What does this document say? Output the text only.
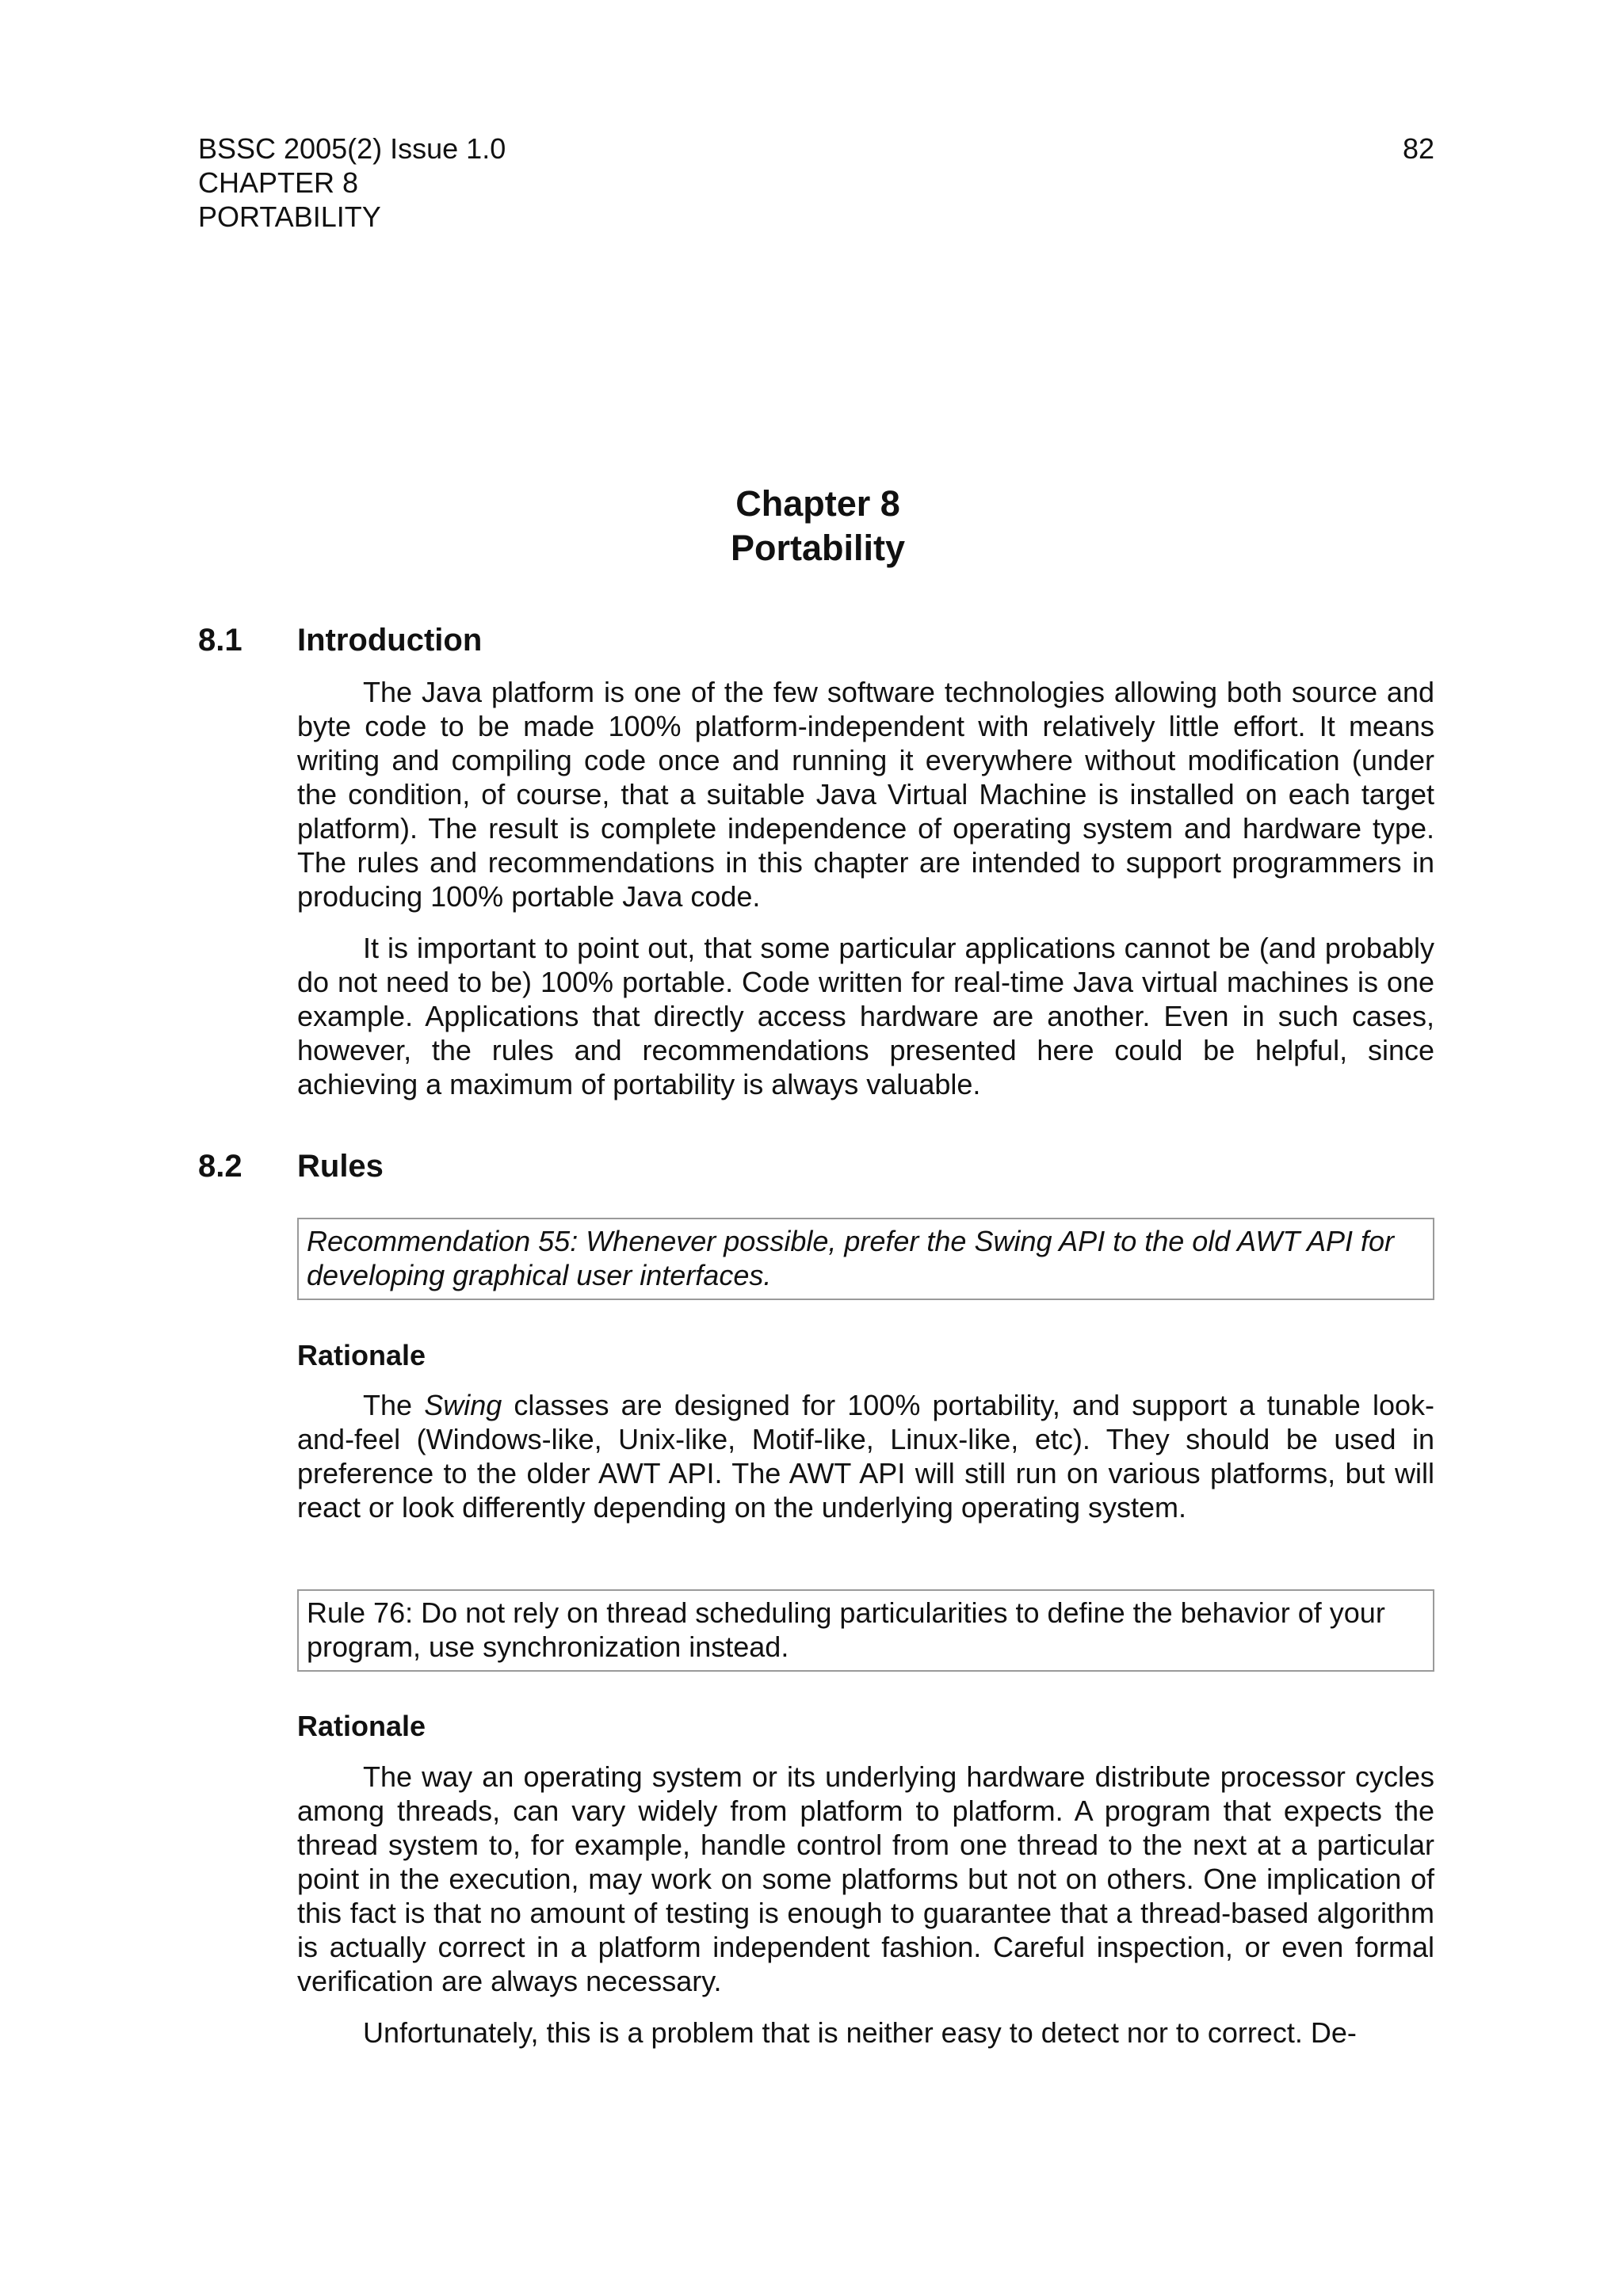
BSSC 2005(2) Issue 1.0
CHAPTER 8
PORTABILITY
82
Chapter 8
Portability
8.1 Introduction

The Java platform is one of the few software technologies allowing both source and byte code to be made 100% platform-independent with relatively little effort. It means writing and compiling code once and running it everywhere without modification (under the condition, of course, that a suitable Java Virtual Machine is installed on each target platform). The result is complete independence of operating system and hardware type. The rules and recommendations in this chapter are intended to support programmers in producing 100% portable Java code.

It is important to point out, that some particular applications cannot be (and probably do not need to be) 100% portable. Code written for real-time Java virtual machines is one example. Applications that directly access hardware are another. Even in such cases, however, the rules and recommendations presented here could be helpful, since achieving a maximum of portability is always valuable.

8.2 Rules
Recommendation 55: Whenever possible, prefer the Swing API to the old AWT API for developing graphical user interfaces.
Rationale

The Swing classes are designed for 100% portability, and support a tunable look-and-feel (Windows-like, Unix-like, Motif-like, Linux-like, etc). They should be used in preference to the older AWT API. The AWT API will still run on various platforms, but will react or look differently depending on the underlying operating system.

Rule 76: Do not rely on thread scheduling particularities to define the behavior of your program, use synchronization instead.
Rationale

The way an operating system or its underlying hardware distribute processor cycles among threads, can vary widely from platform to platform. A program that expects the thread system to, for example, handle control from one thread to the next at a particular point in the execution, may work on some platforms but not on others. One implication of this fact is that no amount of testing is enough to guarantee that a thread-based algorithm is actually correct in a platform independent fashion. Careful inspection, or even formal verification are always necessary.

Unfortunately, this is a problem that is neither easy to detect nor to correct. De-
